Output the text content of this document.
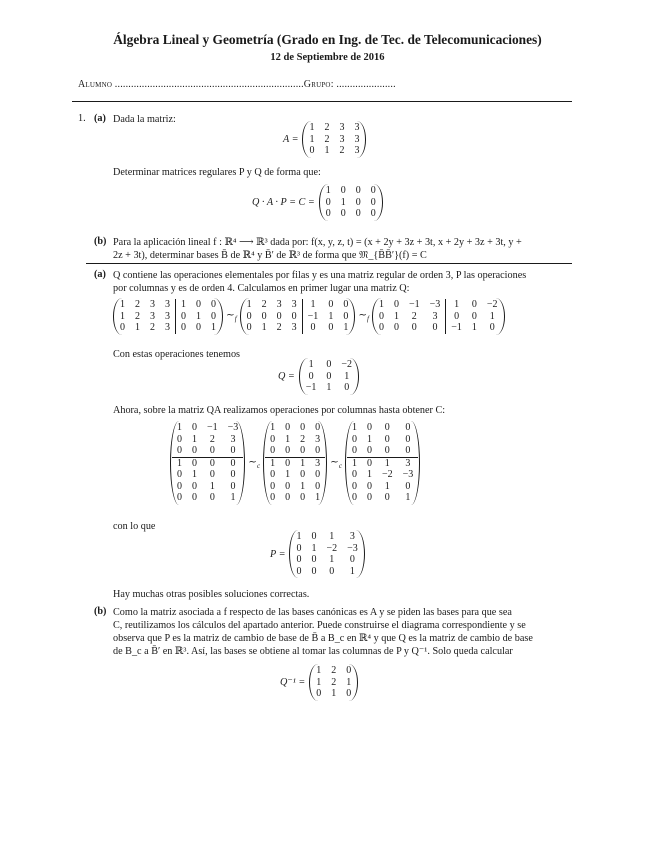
Álgebra Lineal y Geometría (Grado en Ing. de Tec. de Telecomunicaciones)
12 de Septiembre de 2016
Alumno ......................................................................Grupo: ......................
1. (a) Dada la matriz:
A =
1	2	3	3
1	2	3	3
0	1	2	3
Determinar matrices regulares P y Q de forma que:
Q · A · P = C =
1	0	0	0
0	1	0	0
0	0	0	0
(b) Para la aplicación lineal f : ℝ⁴ ⟶ ℝ³ dada por: f(x, y, z, t) = (x + 2y + 3z + 3t, x + 2y + 3z + 3t, y +
2z + 3t), determinar bases B̄ de ℝ⁴ y B̄′ de ℝ³ de forma que 𝔐_{B̄B̄′}(f) = C
(a) Q contiene las operaciones elementales por filas y es una matriz regular de orden 3, P las operaciones
por columnas y es de orden 4. Calculamos en primer lugar una matriz Q:
1	2	3	3	1	0	0
1	2	3	3	0	1	0
0	1	2	3	0	0	1
$\sim_f$
1	2	3	3	1	0	0
0	0	0	0	−1	1	0
0	1	2	3	0	0	1
$\sim_f$
1	0	−1	−3	1	0	−2
0	1	2	3	0	0	1
0	0	0	0	−1	1	0
Con estas operaciones tenemos
Q =
1	0	−2
0	0	1
−1	1	0
Ahora, sobre la matriz QA realizamos operaciones por columnas hasta obtener C:
1	0	−1	−3
0	1	2	3
0	0	0	0
1	0	0	0
0	1	0	0
0	0	1	0
0	0	0	1
$\sim_c$
1	0	0	0
0	1	2	3
0	0	0	0
1	0	1	3
0	1	0	0
0	0	1	0
0	0	0	1
$\sim_c$
1	0	0	0
0	1	0	0
0	0	0	0
1	0	1	3
0	1	−2	−3
0	0	1	0
0	0	0	1
con lo que
P =
1	0	1	3
0	1	−2	−3
0	0	1	0
0	0	0	1
Hay muchas otras posibles soluciones correctas.
(b) Como la matriz asociada a f respecto de las bases canónicas es A y se piden las bases para que sea
C, reutilizamos los cálculos del apartado anterior. Puede construirse el diagrama correspondiente y se
observa que P es la matriz de cambio de base de B̄ a B_c en ℝ⁴ y que Q es la matriz de cambio de base
de B_c a B̄′ en ℝ³. Así, las bases se obtiene al tomar las columnas de P y Q⁻¹. Solo queda calcular
Q⁻¹ =
1	2	0
1	2	1
0	1	0
